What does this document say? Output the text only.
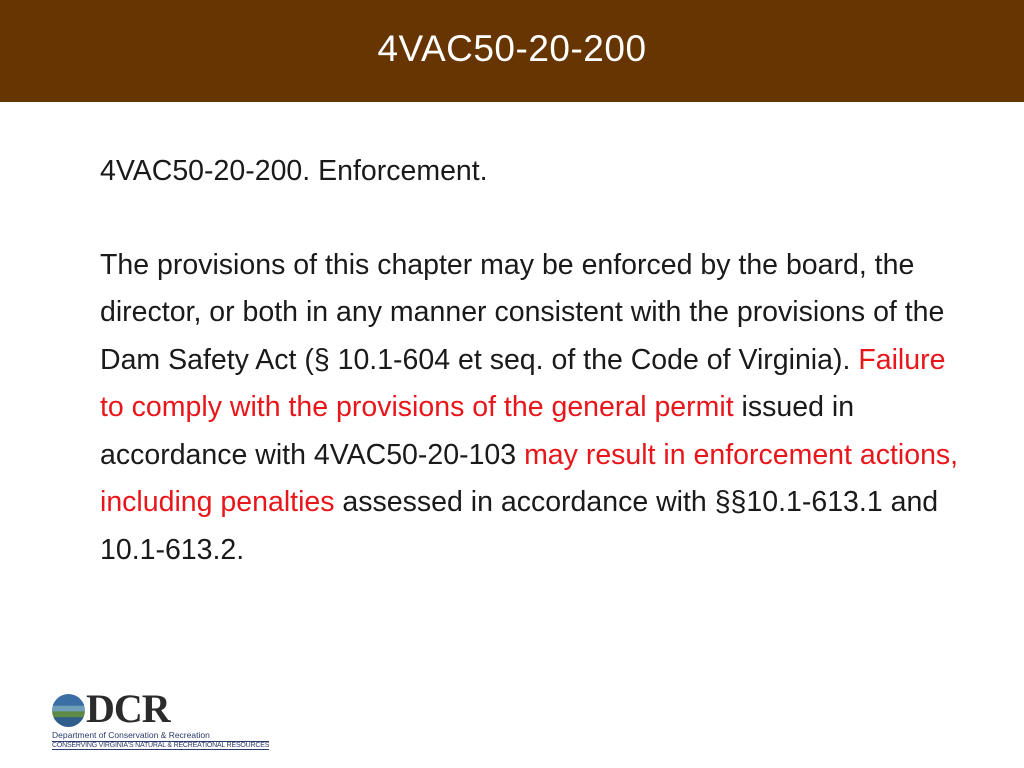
4VAC50-20-200

4VAC50-20-200. Enforcement.

The provisions of this chapter may be enforced by the board, the director, or both in any manner consistent with the provisions of the Dam Safety Act (§ 10.1-604 et seq. of the Code of Virginia). Failure to comply with the provisions of the general permit issued in accordance with 4VAC50-20-103 may result in enforcement actions, including penalties assessed in accordance with §§10.1-613.1 and 10.1-613.2.

DCR
Department of Conservation & Recreation
CONSERVING VIRGINIA'S NATURAL & RECREATIONAL RESOURCES
